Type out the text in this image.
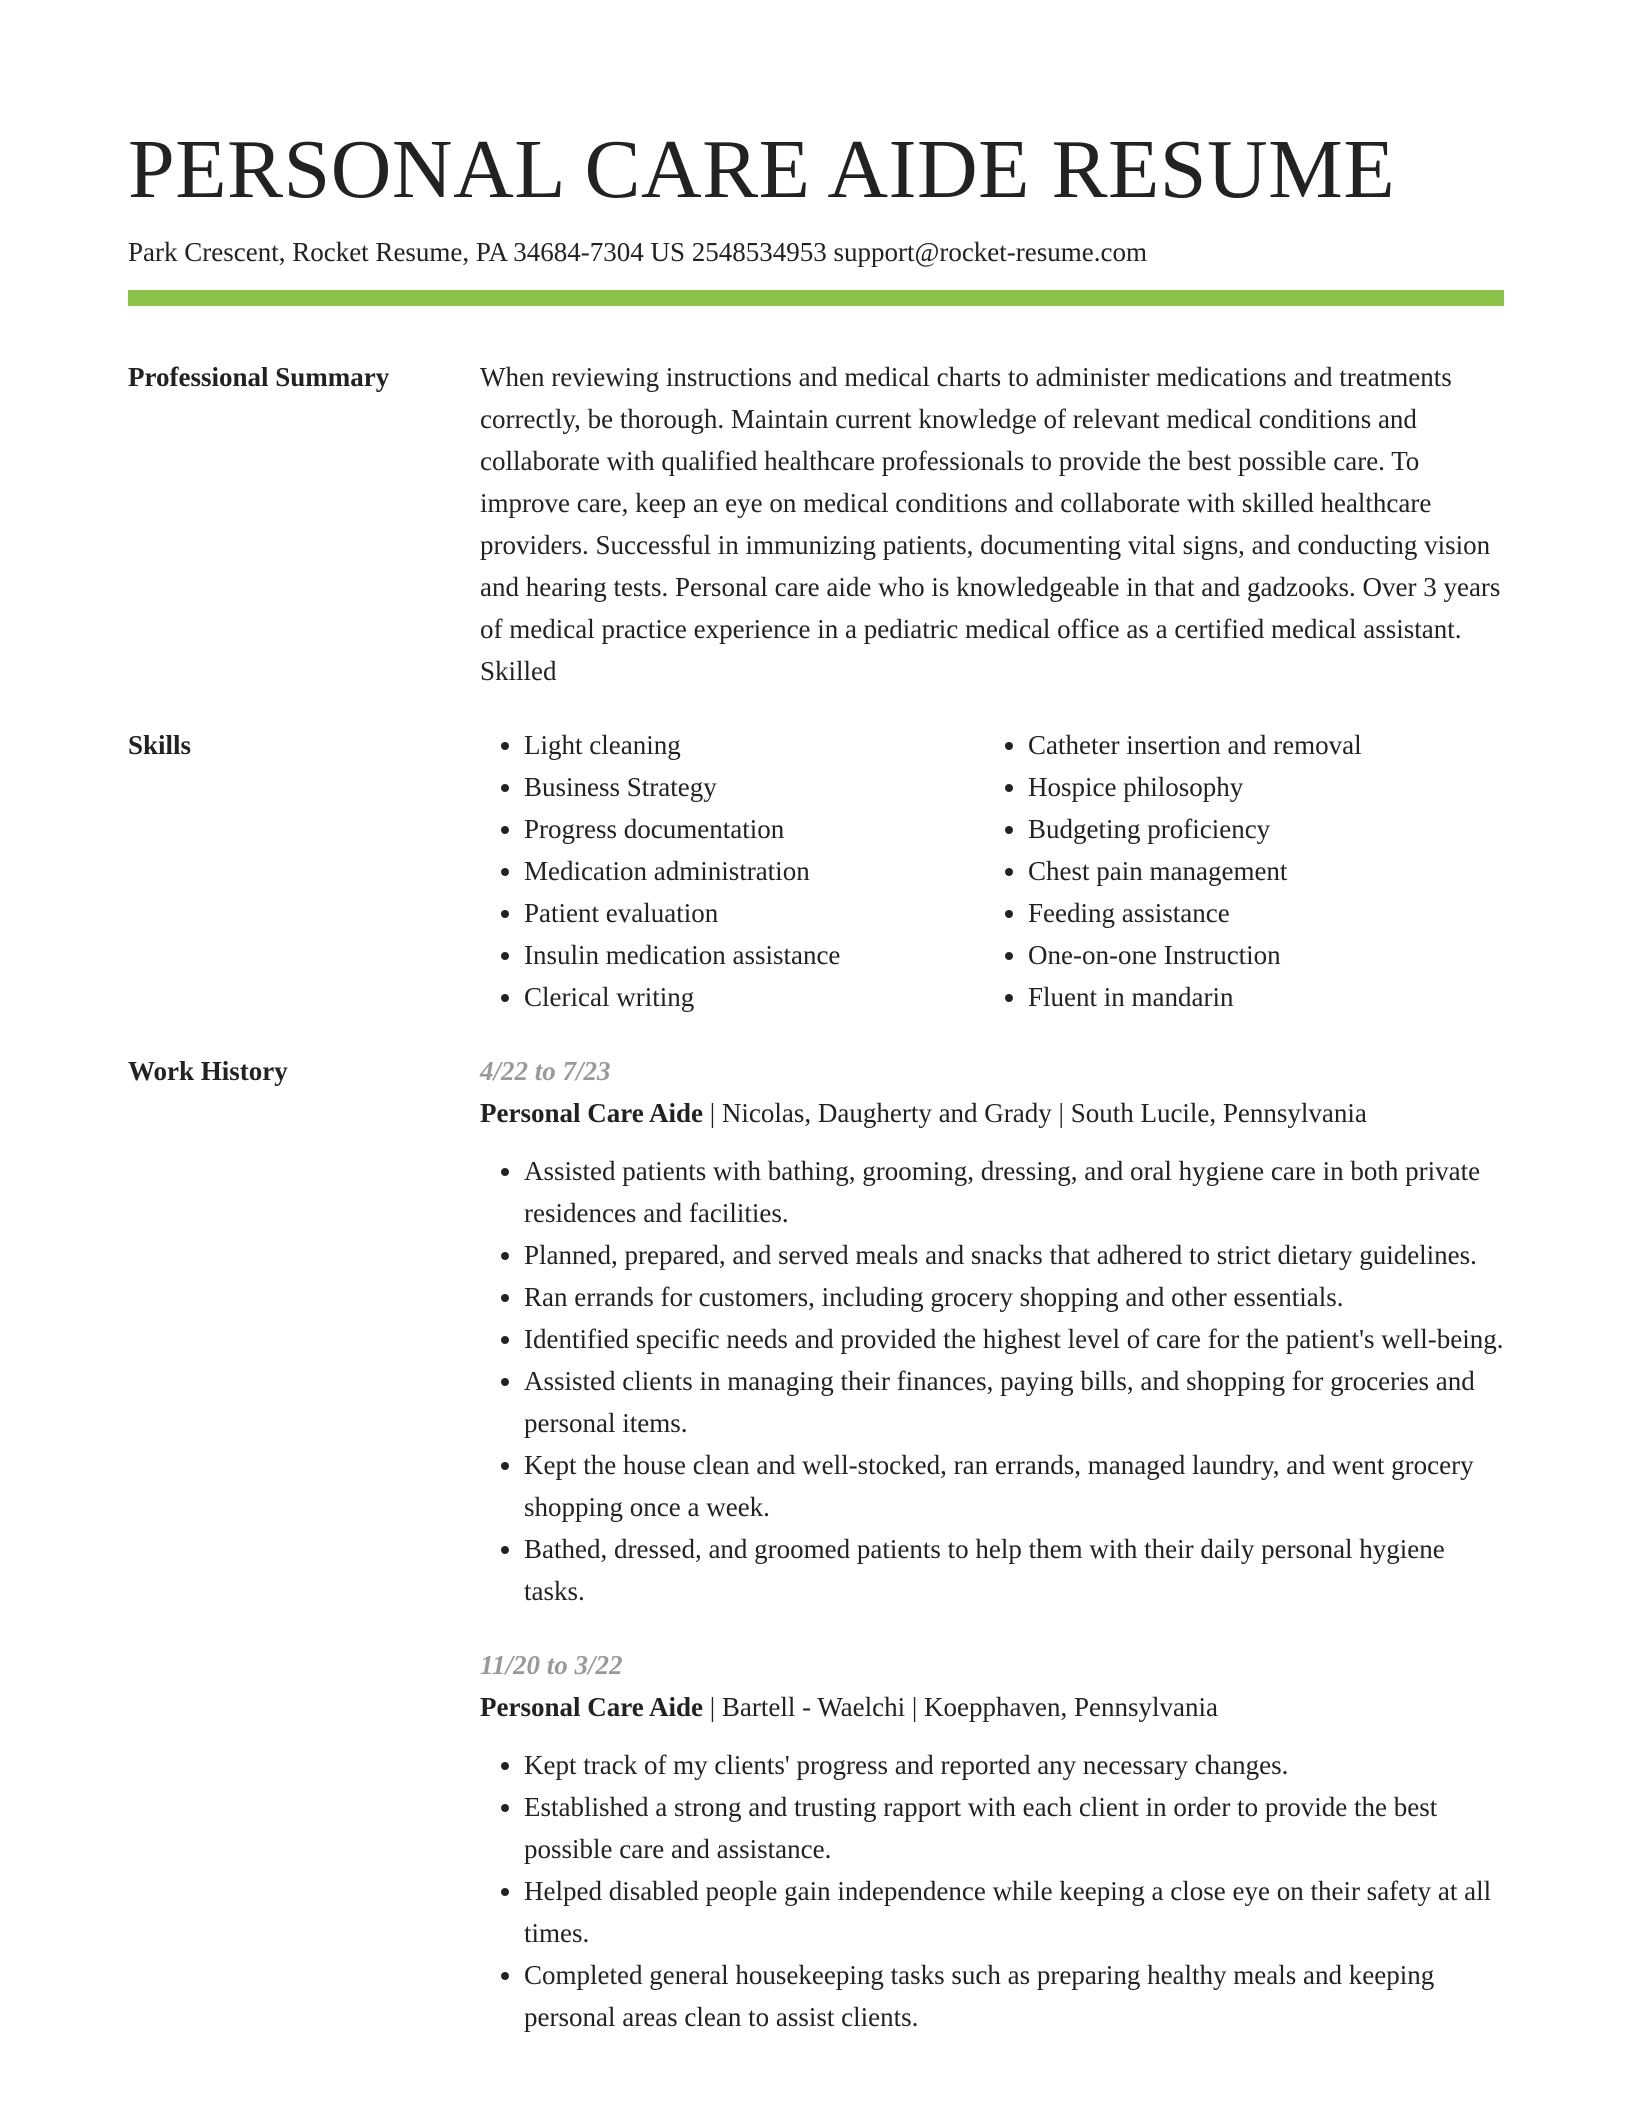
PERSONAL CARE AIDE RESUME
Park Crescent, Rocket Resume, PA 34684-7304 US 2548534953 support@rocket-resume.com
Professional Summary	When reviewing instructions and medical charts to administer medications and treatments correctly, be thorough. Maintain current knowledge of relevant medical conditions and collaborate with qualified healthcare professionals to provide the best possible care. To improve care, keep an eye on medical conditions and collaborate with skilled healthcare providers. Successful in immunizing patients, documenting vital signs, and conducting vision and hearing tests. Personal care aide who is knowledgeable in that and gadzooks. Over 3 years of medical practice experience in a pediatric medical office as a certified medical assistant. Skilled

Skills
•	Light cleaning
• Business Strategy
• Progress documentation
• Medication administration
• Patient evaluation
• Insulin medication assistance
• Clerical writing
• Catheter insertion and removal
• Hospice philosophy
• Budgeting proficiency
• Chest pain management
• Feeding assistance
• One-on-one Instruction
• Fluent in mandarin
Work History	4/22 to 7/23
Personal Care Aide | Nicolas, Daugherty and Grady | South Lucile, Pennsylvania
• Assisted patients with bathing, grooming, dressing, and oral hygiene care in both private residences and facilities.
• Planned, prepared, and served meals and snacks that adhered to strict dietary guidelines.
• Ran errands for customers, including grocery shopping and other essentials.
• Identified specific needs and provided the highest level of care for the patient's well-being.
• Assisted clients in managing their finances, paying bills, and shopping for groceries and personal items.
• Kept the house clean and well-stocked, ran errands, managed laundry, and went grocery shopping once a week.
• Bathed, dressed, and groomed patients to help them with their daily personal hygiene tasks.
11/20 to 3/22
Personal Care Aide | Bartell - Waelchi | Koepphaven, Pennsylvania
• Kept track of my clients' progress and reported any necessary changes.
• Established a strong and trusting rapport with each client in order to provide the best possible care and assistance.
• Helped disabled people gain independence while keeping a close eye on their safety at all times.
• Completed general housekeeping tasks such as preparing healthy meals and keeping personal areas clean to assist clients.
